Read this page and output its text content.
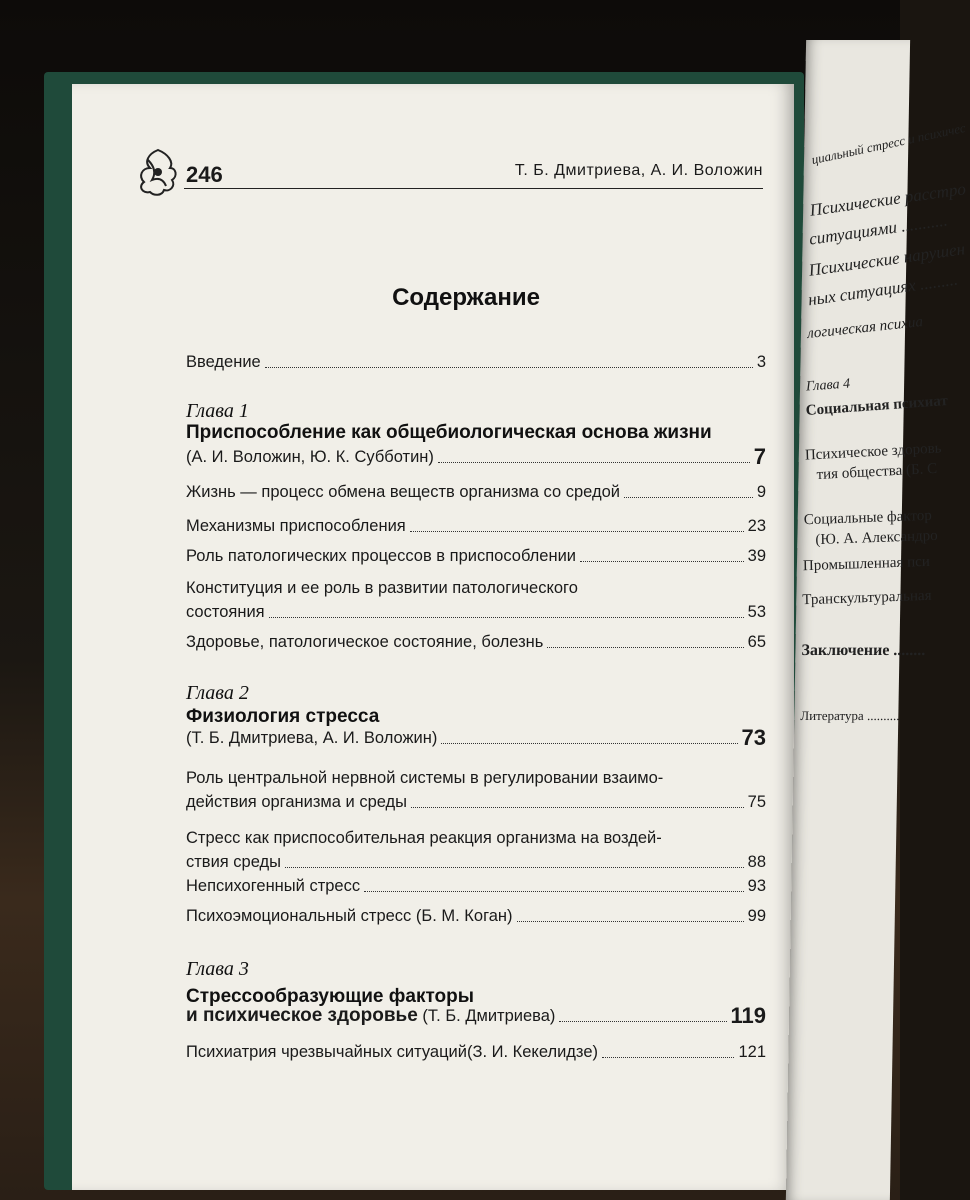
246	Т. Б. Дмитриева, А. И. Воложин
Содержание
Введение	3
Глава 1
Приспособление как общебиологическая основа жизни
(А. И. Воложин, Ю. К. Субботин)	7
Жизнь — процесс обмена веществ организма со средой	9
Механизмы приспособления	23
Роль патологических процессов в приспособлении	39
Конституция и ее роль в развитии патологического
состояния	53
Здоровье, патологическое состояние, болезнь	65
Глава 2
Физиология стресса
(Т. Б. Дмитриева, А. И. Воложин)	73
Роль центральной нервной системы в регулировании взаимо-
действия организма и среды	75
Стресс как приспособительная реакция организма на воздей-
ствия среды	88
Непсихогенный стресс	93
Психоэмоциональный стресс (Б. М. Коган)	99
Глава 3
Стрессообразующие факторы
и психическое здоровье (Т. Б. Дмитриева)	119
Психиатрия чрезвычайных ситуаций(З. И. Кекелидзе)	121
циальный стресс и психичес
Психические расстро
ситуациями ...........
Психические нарушен
ных ситуациях .........
логическая психиа
Глава 4
Социальная психиат
Психическое здоровь
тия общества (Б. С
Социальные фактор
(Ю. А. Александро
Промышленная пси
Транскультуральная
Заключение ........
Литература ..........
